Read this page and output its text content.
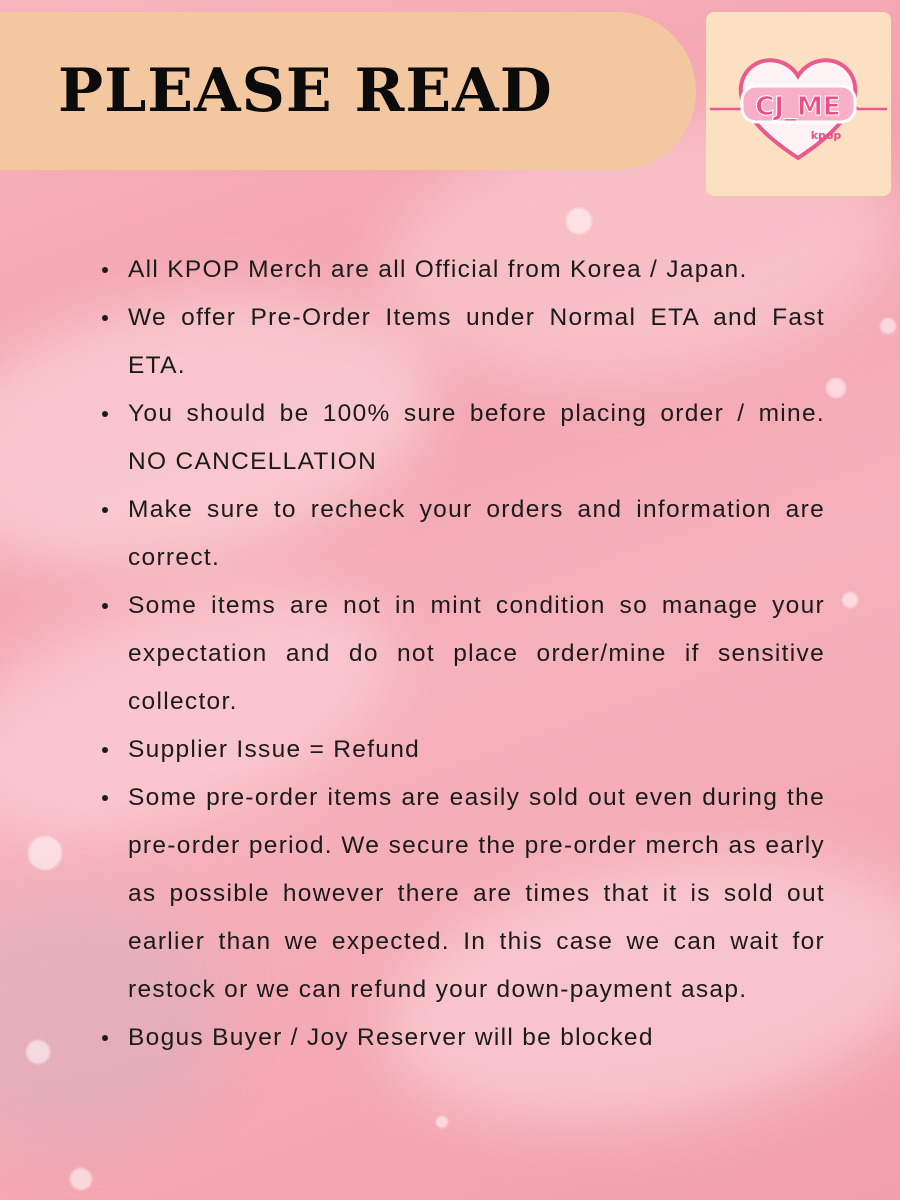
PLEASE READ	CJ_ME
kpop
All KPOP Merch are all Official from Korea / Japan.
We offer Pre-Order Items under Normal ETA and Fast ETA.
You should be 100% sure before placing order / mine. NO CANCELLATION
Make sure to recheck your orders and information are correct.
Some items are not in mint condition so manage your expectation and do not place order/mine if sensitive collector.
Supplier Issue = Refund
Some pre-order items are easily sold out even during the pre-order period. We secure the pre-order merch as early as possible however there are times that it is sold out earlier than we expected. In this case we can wait for restock or we can refund your down-payment asap.
Bogus Buyer / Joy Reserver will be blocked
